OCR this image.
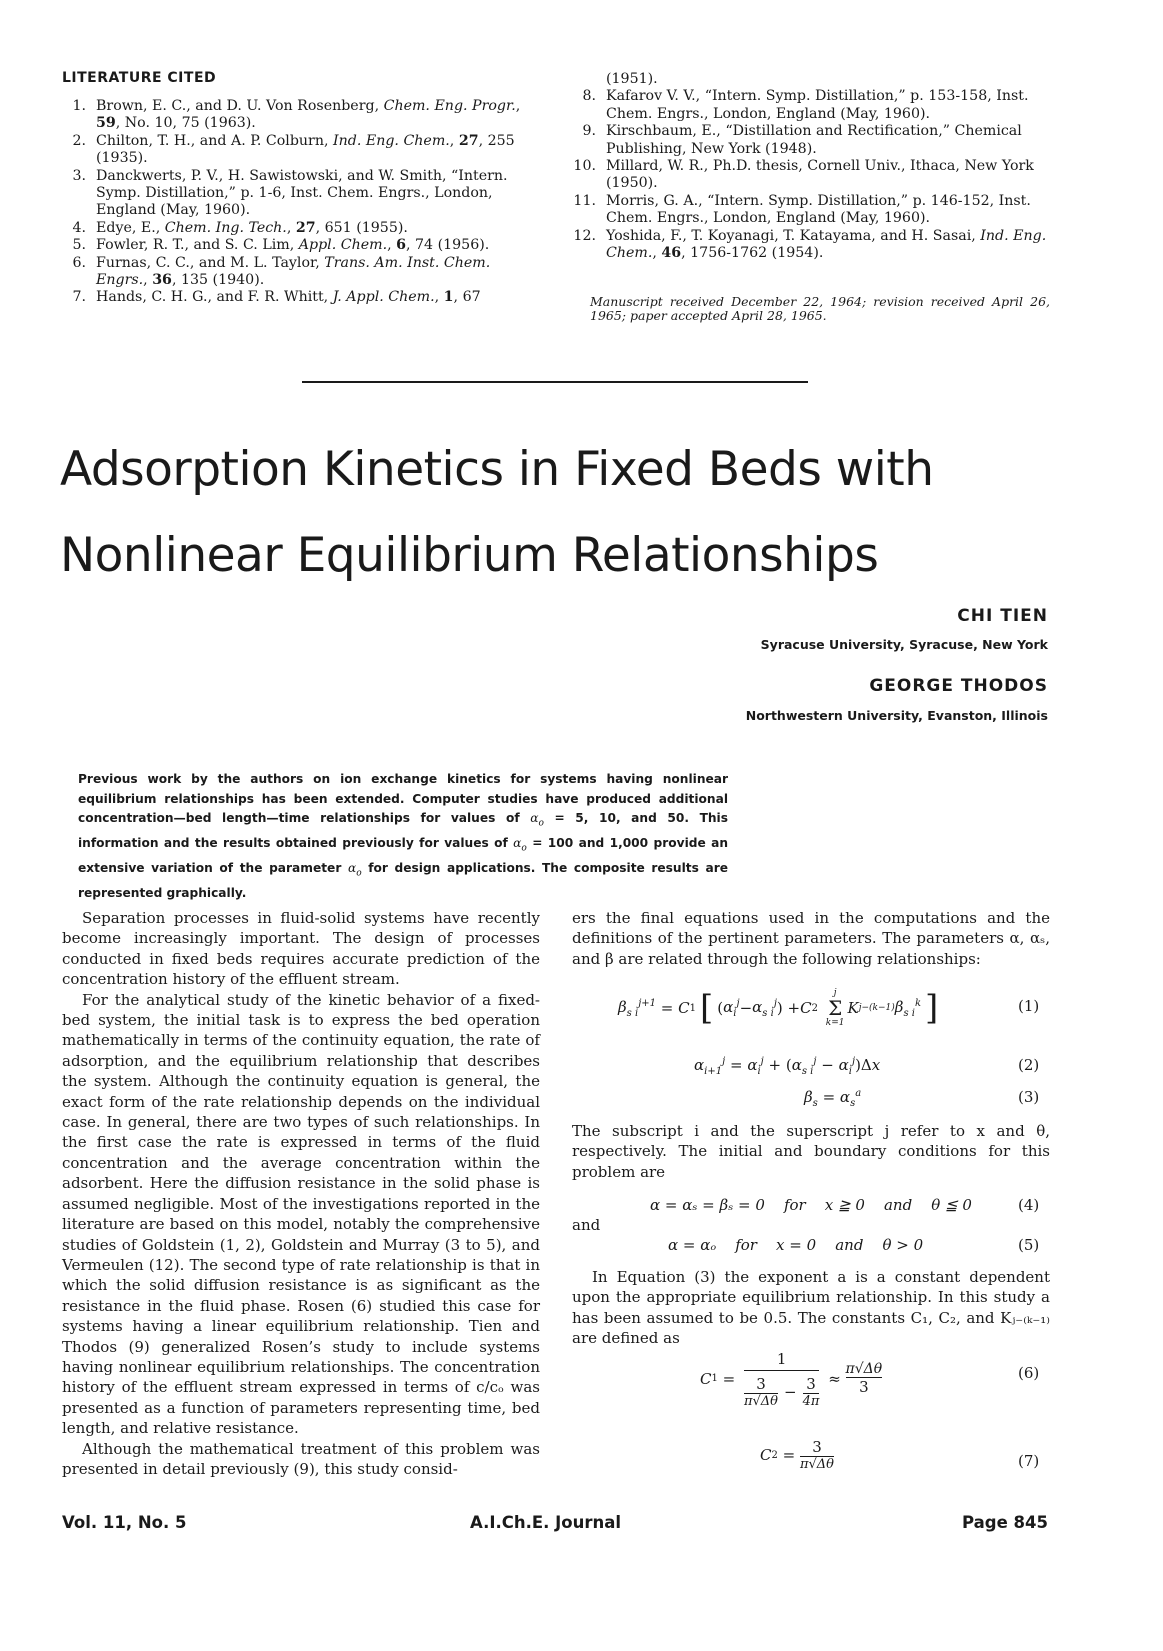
LITERATURE CITED

1. Brown, E. C., and D. U. Von Rosenberg, Chem. Eng. Progr., 59, No. 10, 75 (1963).

2. Chilton, T. H., and A. P. Colburn, Ind. Eng. Chem., 27, 255 (1935).

3. Danckwerts, P. V., H. Sawistowski, and W. Smith, “Intern. Symp. Distillation,” p. 1-6, Inst. Chem. Engrs., London, England (May, 1960).

4. Edye, E., Chem. Ing. Tech., 27, 651 (1955).

5. Fowler, R. T., and S. C. Lim, Appl. Chem., 6, 74 (1956).

6. Furnas, C. C., and M. L. Taylor, Trans. Am. Inst. Chem. Engrs., 36, 135 (1940).

7. Hands, C. H. G., and F. R. Whitt, J. Appl. Chem., 1, 67

(1951).

8. Kafarov V. V., “Intern. Symp. Distillation,” p. 153-158, Inst. Chem. Engrs., London, England (May, 1960).

9. Kirschbaum, E., “Distillation and Rectification,” Chemical Publishing, New York (1948).

10. Millard, W. R., Ph.D. thesis, Cornell Univ., Ithaca, New York (1950).

11. Morris, G. A., “Intern. Symp. Distillation,” p. 146-152, Inst. Chem. Engrs., London, England (May, 1960).

12. Yoshida, F., T. Koyanagi, T. Katayama, and H. Sasai, Ind. Eng. Chem., 46, 1756-1762 (1954).

Manuscript received December 22, 1964; revision received April 26, 1965; paper accepted April 28, 1965.
Adsorption Kinetics in Fixed Beds with
Nonlinear Equilibrium Relationships
CHI TIEN
Syracuse University, Syracuse, New York
GEORGE THODOS
Northwestern University, Evanston, Illinois
Previous work by the authors on ion exchange kinetics for systems having nonlinear equilibrium relationships has been extended. Computer studies have produced additional concentration—bed length—time relationships for values of $\alpha_o = 5$, 10, and 50. This information and the results obtained previously for values of $\alpha_o = 100$ and 1,000 provide an extensive variation of the parameter $\alpha_o$ for design applications. The composite results are represented graphically.

Separation processes in fluid-solid systems have recently become increasingly important. The design of processes conducted in fixed beds requires accurate prediction of the concentration history of the effluent stream.

For the analytical study of the kinetic behavior of a fixed-bed system, the initial task is to express the bed operation mathematically in terms of the continuity equation, the rate of adsorption, and the equilibrium relationship that describes the system. Although the continuity equation is general, the exact form of the rate relationship depends on the individual case. In general, there are two types of such relationships. In the first case the rate is expressed in terms of the fluid concentration and the average concentration within the adsorbent. Here the diffusion resistance in the solid phase is assumed negligible. Most of the investigations reported in the literature are based on this model, notably the comprehensive studies of Goldstein (1, 2), Goldstein and Murray (3 to 5), and Vermeulen (12). The second type of rate relationship is that in which the solid diffusion resistance is as significant as the resistance in the fluid phase. Rosen (6) studied this case for systems having a linear equilibrium relationship. Tien and Thodos (9) generalized Rosen’s study to include systems having nonlinear equilibrium relationships. The concentration history of the effluent stream expressed in terms of c/cₒ was presented as a function of parameters representing time, bed length, and relative resistance.

Although the mathematical treatment of this problem was presented in detail previously (9), this study consid-

ers the final equations used in the computations and the definitions of the pertinent parameters. The parameters α, αₛ, and β are related through the following relationships:

$\beta_{s i}^{j+1} = C$ 1 [ ( $\alpha_i^j - \alpha_{s i}^j$ ) + C 2

j
Σ
k=1
K j−(k−1) $\beta_{s i}^k$ ]	(1)
$\alpha_{i+1}^j = \alpha_i^j + (\alpha_{s i}^j - \alpha_i^j)\Delta x$	(2)
$\beta_s = \alpha_s^a$	(3)

The subscript i and the superscript j refer to x and θ, respectively. The initial and boundary conditions for this problem are

α = αₛ = βₛ = 0    for    x ≧ 0    and    θ ≦ 0	(4)
and
α = αₒ    for    x = 0    and    θ > 0	(5)

In Equation (3) the exponent a is a constant dependent upon the appropriate equilibrium relationship. In this study a has been assumed to be 0.5. The constants C₁, C₂, and Kⱼ₋₍ₖ₋₁₎ are defined as

C $1 = \frac{1}{\frac{3}{\pi√\Delta\theta} - \frac{3}{4\pi}} \approx \frac{\pi√\Delta\theta}{3}$	(6)
C $2 = \frac{3}{\pi√\Delta\theta}$	(7)
Vol. 11, No. 5	A.I.Ch.E. Journal	Page 845
